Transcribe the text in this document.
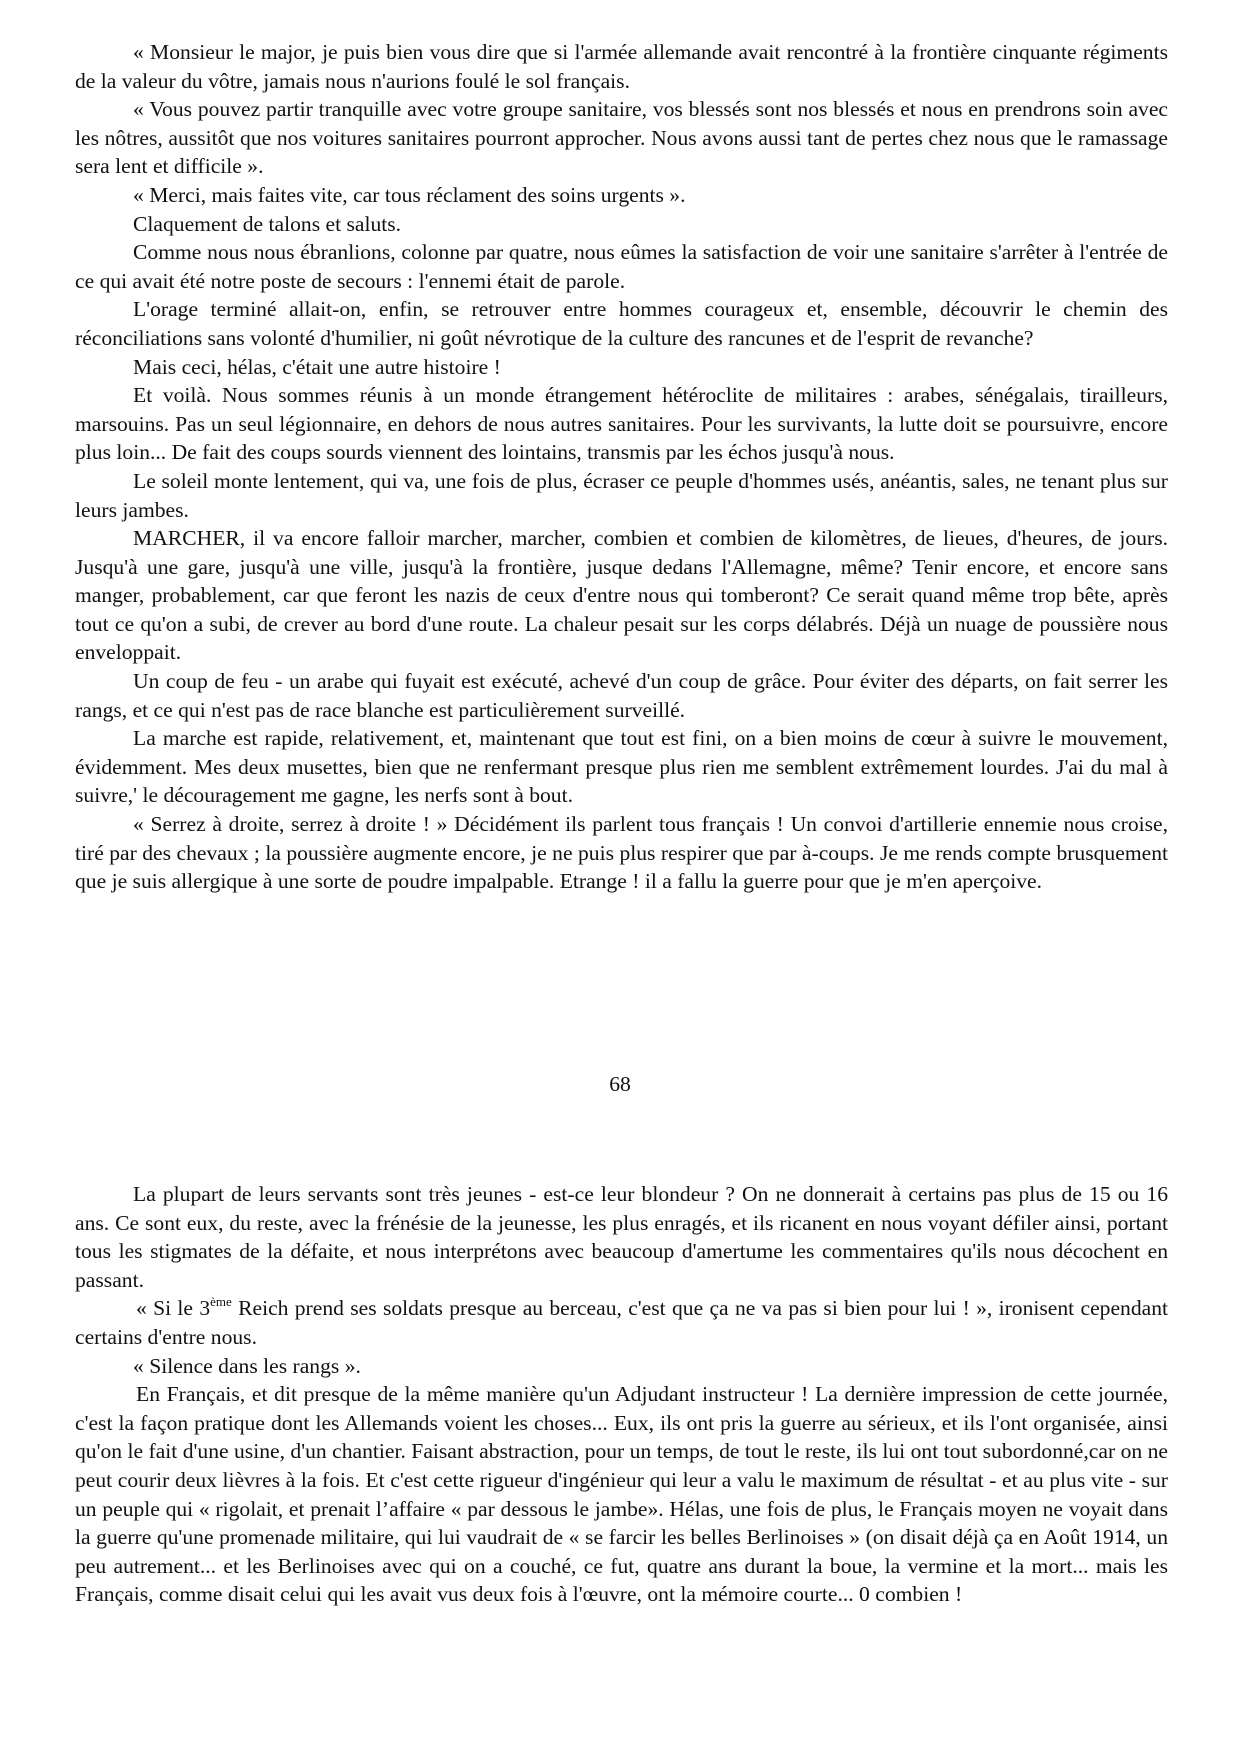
« Monsieur le major, je puis bien vous dire que si l'armée allemande avait rencontré à la frontière cinquante régiments de la valeur du vôtre, jamais nous n'aurions foulé le sol français.

« Vous pouvez partir tranquille avec votre groupe sanitaire, vos blessés sont nos blessés et nous en prendrons soin avec les nôtres, aussitôt que nos voitures sanitaires pourront approcher. Nous avons aussi tant de pertes chez nous que le ramassage sera lent et difficile ».

« Merci, mais faites vite, car tous réclament des soins urgents ».

Claquement de talons et saluts.

Comme nous nous ébranlions, colonne par quatre, nous eûmes la satisfaction de voir une sanitaire s'arrêter à l'entrée de ce qui avait été notre poste de secours : l'ennemi était de parole.

L'orage terminé allait-on, enfin, se retrouver entre hommes courageux et, ensemble, découvrir le chemin des réconciliations sans volonté d'humilier, ni goût névrotique de la culture des rancunes et de l'esprit de revanche?

Mais ceci, hélas, c'était une autre histoire !

Et voilà. Nous sommes réunis à un monde étrangement hétéroclite de militaires : arabes, sénégalais, tirailleurs, marsouins. Pas un seul légionnaire, en dehors de nous autres sanitaires. Pour les survivants, la lutte doit se poursuivre, encore plus loin... De fait des coups sourds viennent des lointains, transmis par les échos jusqu'à nous.

Le soleil monte lentement, qui va, une fois de plus, écraser ce peuple d'hommes usés, anéantis, sales, ne tenant plus sur leurs jambes.

MARCHER, il va encore falloir marcher, marcher, combien et combien de kilomètres, de lieues, d'heures, de jours. Jusqu'à une gare, jusqu'à une ville, jusqu'à la frontière, jusque dedans l'Allemagne, même? Tenir encore, et encore sans manger, probablement, car que feront les nazis de ceux d'entre nous qui tomberont? Ce serait quand même trop bête, après tout ce qu'on a subi, de crever au bord d'une route. La chaleur pesait sur les corps délabrés. Déjà un nuage de poussière nous enveloppait.

Un coup de feu - un arabe qui fuyait est exécuté, achevé d'un coup de grâce. Pour éviter des départs, on fait serrer les rangs, et ce qui n'est pas de race blanche est particulièrement surveillé.

La marche est rapide, relativement, et, maintenant que tout est fini, on a bien moins de cœur à suivre le mouvement, évidemment. Mes deux musettes, bien que ne renfermant presque plus rien me semblent extrêmement lourdes. J'ai du mal à suivre,' le découragement me gagne, les nerfs sont à bout.

« Serrez à droite, serrez à droite ! » Décidément ils parlent tous français ! Un convoi d'artillerie ennemie nous croise, tiré par des chevaux ; la poussière augmente encore, je ne puis plus respirer que par à-coups. Je me rends compte brusquement que je suis allergique à une sorte de poudre impalpable. Etrange ! il a fallu la guerre pour que je m'en aperçoive.

68

La plupart de leurs servants sont très jeunes - est-ce leur blondeur ? On ne donnerait à certains pas plus de 15 ou 16 ans. Ce sont eux, du reste, avec la frénésie de la jeunesse, les plus enragés, et ils ricanent en nous voyant défiler ainsi, portant tous les stigmates de la défaite, et nous interprétons avec beaucoup d'amertume les commentaires qu'ils nous décochent en passant.

« Si le 3ème Reich prend ses soldats presque au berceau, c'est que ça ne va pas si bien pour lui ! », ironisent cependant certains d'entre nous.

« Silence dans les rangs ».

En Français, et dit presque de la même manière qu'un Adjudant instructeur ! La dernière impression de cette journée, c'est la façon pratique dont les Allemands voient les choses... Eux, ils ont pris la guerre au sérieux, et ils l'ont organisée, ainsi qu'on le fait d'une usine, d'un chantier. Faisant abstraction, pour un temps, de tout le reste, ils lui ont tout subordonné,car on ne peut courir deux lièvres à la fois. Et c'est cette rigueur d'ingénieur qui leur a valu le maximum de résultat - et au plus vite - sur un peuple qui « rigolait, et prenait l’affaire « par dessous le jambe». Hélas, une fois de plus, le Français moyen ne voyait dans la guerre qu'une promenade militaire, qui lui vaudrait de « se farcir les belles Berlinoises » (on disait déjà ça en Août 1914, un peu autrement... et les Berlinoises avec qui on a couché, ce fut, quatre ans durant la boue, la vermine et la mort... mais les Français, comme disait celui qui les avait vus deux fois à l'œuvre, ont la mémoire courte... 0 combien !
